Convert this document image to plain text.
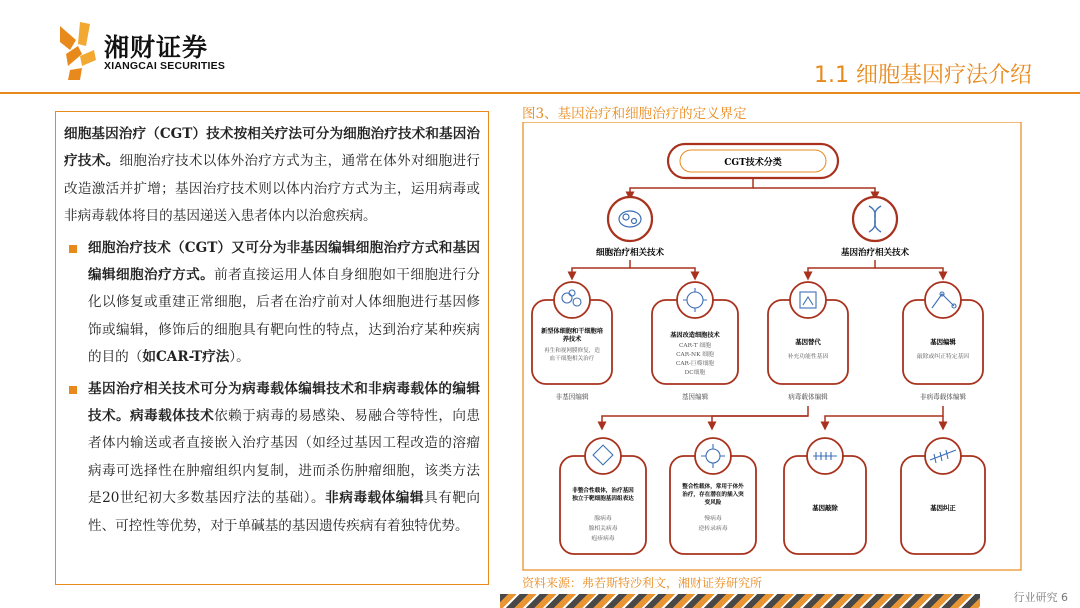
湘财证券
XIANGCAI SECURITIES	1.1 细胞基因疗法介绍

细胞基因治疗（CGT）技术按相关疗法可分为细胞治疗技术和基因治疗技术。细胞治疗技术以体外治疗方式为主，通常在体外对细胞进行改造激活并扩增；基因治疗技术则以体内治疗方式为主，运用病毒或非病毒载体将目的基因递送入患者体内以治愈疾病。

细胞治疗技术（CGT）又可分为非基因编辑细胞治疗方式和基因编辑细胞治疗方式。前者直接运用人体自身细胞如干细胞进行分化以修复或重建正常细胞，后者在治疗前对人体细胞进行基因修饰或编辑，修饰后的细胞具有靶向性的特点，达到治疗某种疾病的目的（如CAR-T疗法）。

基因治疗相关技术可分为病毒载体编辑技术和非病毒载体的编辑技术。病毒载体技术依赖于病毒的易感染、易融合等特性，向患者体内输送或者直接嵌入治疗基因（如经过基因工程改造的溶瘤病毒可选择性在肿瘤组织内复制，进而杀伤肿瘤细胞，该类方法是20世纪初大多数基因疗法的基础）。非病毒载体编辑具有靶向性、可控性等优势，对于单碱基的基因遗传疾病有着独特优势。

图3、基因治疗和细胞治疗的定义界定
CGT技术分类
细胞治疗相关技术	基因治疗相关技术
新型体细胞和干细胞培养技术
再生和视网膜修复，造血干细胞相关治疗
基因改造细胞技术
CAR-T 细胞
CAR-NK 细胞
CAR-巨噬细胞
DC细胞
基因替代
补充功能性基因
基因编辑
敲除或纠正特定基因
非基因编辑	基因编辑	病毒载体编辑	非病毒载体编辑
非整合性载体，治疗基因独立于靶细胞基因组表达
腺病毒
腺相关病毒
疱疹病毒
整合性载体，常用于体外治疗，存在潜在的插入突变风险
慢病毒
逆转录病毒
基因敲除	基因纠正
资料来源：弗若斯特沙利文，湘财证券研究所
行业研究 6
